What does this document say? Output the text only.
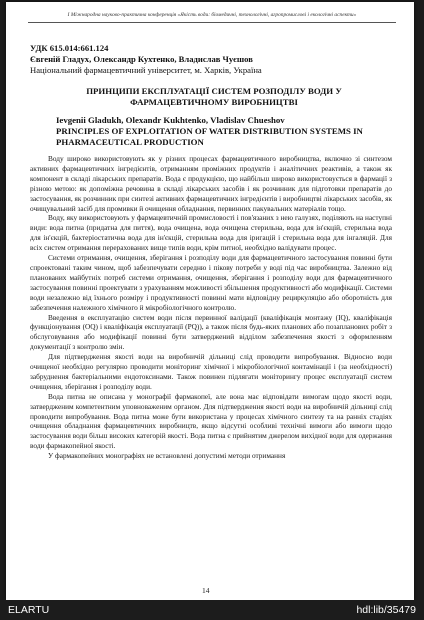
І Міжнародна науково-практична конференція «Якість води: біомедичні, технологічні, агропромислові і екологічні аспекти»
УДК 615.014:661.124
Євгеній Гладух, Олександр Кухтенко, Владислав Чуєшов
Національний фармацевтичний університет, м. Харків, Україна
ПРИНЦИПИ ЕКСПЛУАТАЦІЇ СИСТЕМ РОЗПОДІЛУ ВОДИ У
ФАРМАЦЕВТИЧНОМУ ВИРОБНИЦТВІ
Ievgenii Gladukh, Olexandr Kukhtenko, Vladislav Chueshov
PRINCIPLES OF EXPLOITATION OF WATER DISTRIBUTION SYSTEMS IN
PHARMACEUTICAL PRODUCTION

Воду широко використовують як у різних процесах фармацевтичного виробництва, включно зі синтезом активних фармацевтичних інгредієнтів, отриманням проміжних продуктів і аналітичних реактивів, а також як компонент в складі лікарських препаратів. Вода є продукцією, що найбільш широко використовується в фармації з різною метою: як допоміжна речовина в складі лікарських засобів і як розчинник для підготовки препаратів до застосування, як розчинник при синтезі активних фармацевтичних інгредієнтів і виробництві лікарських засобів, як очищувальний засіб для промивки й очищення обладнання, первинних пакувальних матеріалів тощо.

Воду, яку використовують у фармацевтичній промисловості і пов'язаних з нею галузях, поділяють на наступні види: вода питна (придатна для пиття), вода очищена, вода очищена стерильна, вода для ін'єкцій, стерильна вода для ін'єкцій, бактеріостатична вода для ін'єкцій, стерильна вода для іригацій і стерильна вода для інгаляцій. Для всіх систем отримання перерахованих вище типів води, крім питної, необхідно валідувати процес.

Системи отримання, очищення, зберігання і розподілу води для фармацевтичного застосування повинні бути спроектовані таким чином, щоб забезпечувати середню і пікову потреби у воді під час виробництва. Залежно від планованих майбутніх потреб системи отримання, очищення, зберігання і розподілу води для фармацевтичного застосування повинні проектувати з урахуванням можливості збільшення продуктивності або модифікації. Системи води незалежно від їхнього розміру і продуктивності повинні мати відповідну рециркуляцію або оборотність для забезпечення належного хімічного й мікробіологічного контролю.

Введення в експлуатацію систем води після первинної валідації (кваліфікація монтажу (IQ), кваліфікація функціонування (OQ) і кваліфікація експлуатації (PQ)), а також після будь-яких планових або позапланових робіт з обслуговування або модифікації повинні бути затверджений відділом забезпечення якості з оформленням документації з контролю змін.

Для підтвердження якості води на виробничій дільниці слід проводити випробування. Відносно води очищеної необхідно регулярно проводити моніторинг хімічної і мікробіологічної контамінації і (за необхідності) забруднення бактеріальними ендотоксинами. Також повинен підлягати моніторингу процес експлуатації систем очищення, зберігання і розподілу води.

Вода питна не описана у монографії фармакопеї, але вона має відповідати вимогам щодо якості води, затвердженим компетентним уповноваженим органом. Для підтвердження якості води на виробничій дільниці слід проводити випробування. Вода питна може бути використана у процесах хімічного синтезу та на ранніх стадіях очищення обладнання фармацевтичних виробництв, якщо відсутні особливі технічні вимоги або вимоги щодо застосування води більш високих категорій якості. Вода питна є прийнятим джерелом вихідної води для одержання води фармакопейної якості.

У фармакопейних монографіях не встановлені допустимі методи отримання

14
ELARTU	hdl:lib/35479
